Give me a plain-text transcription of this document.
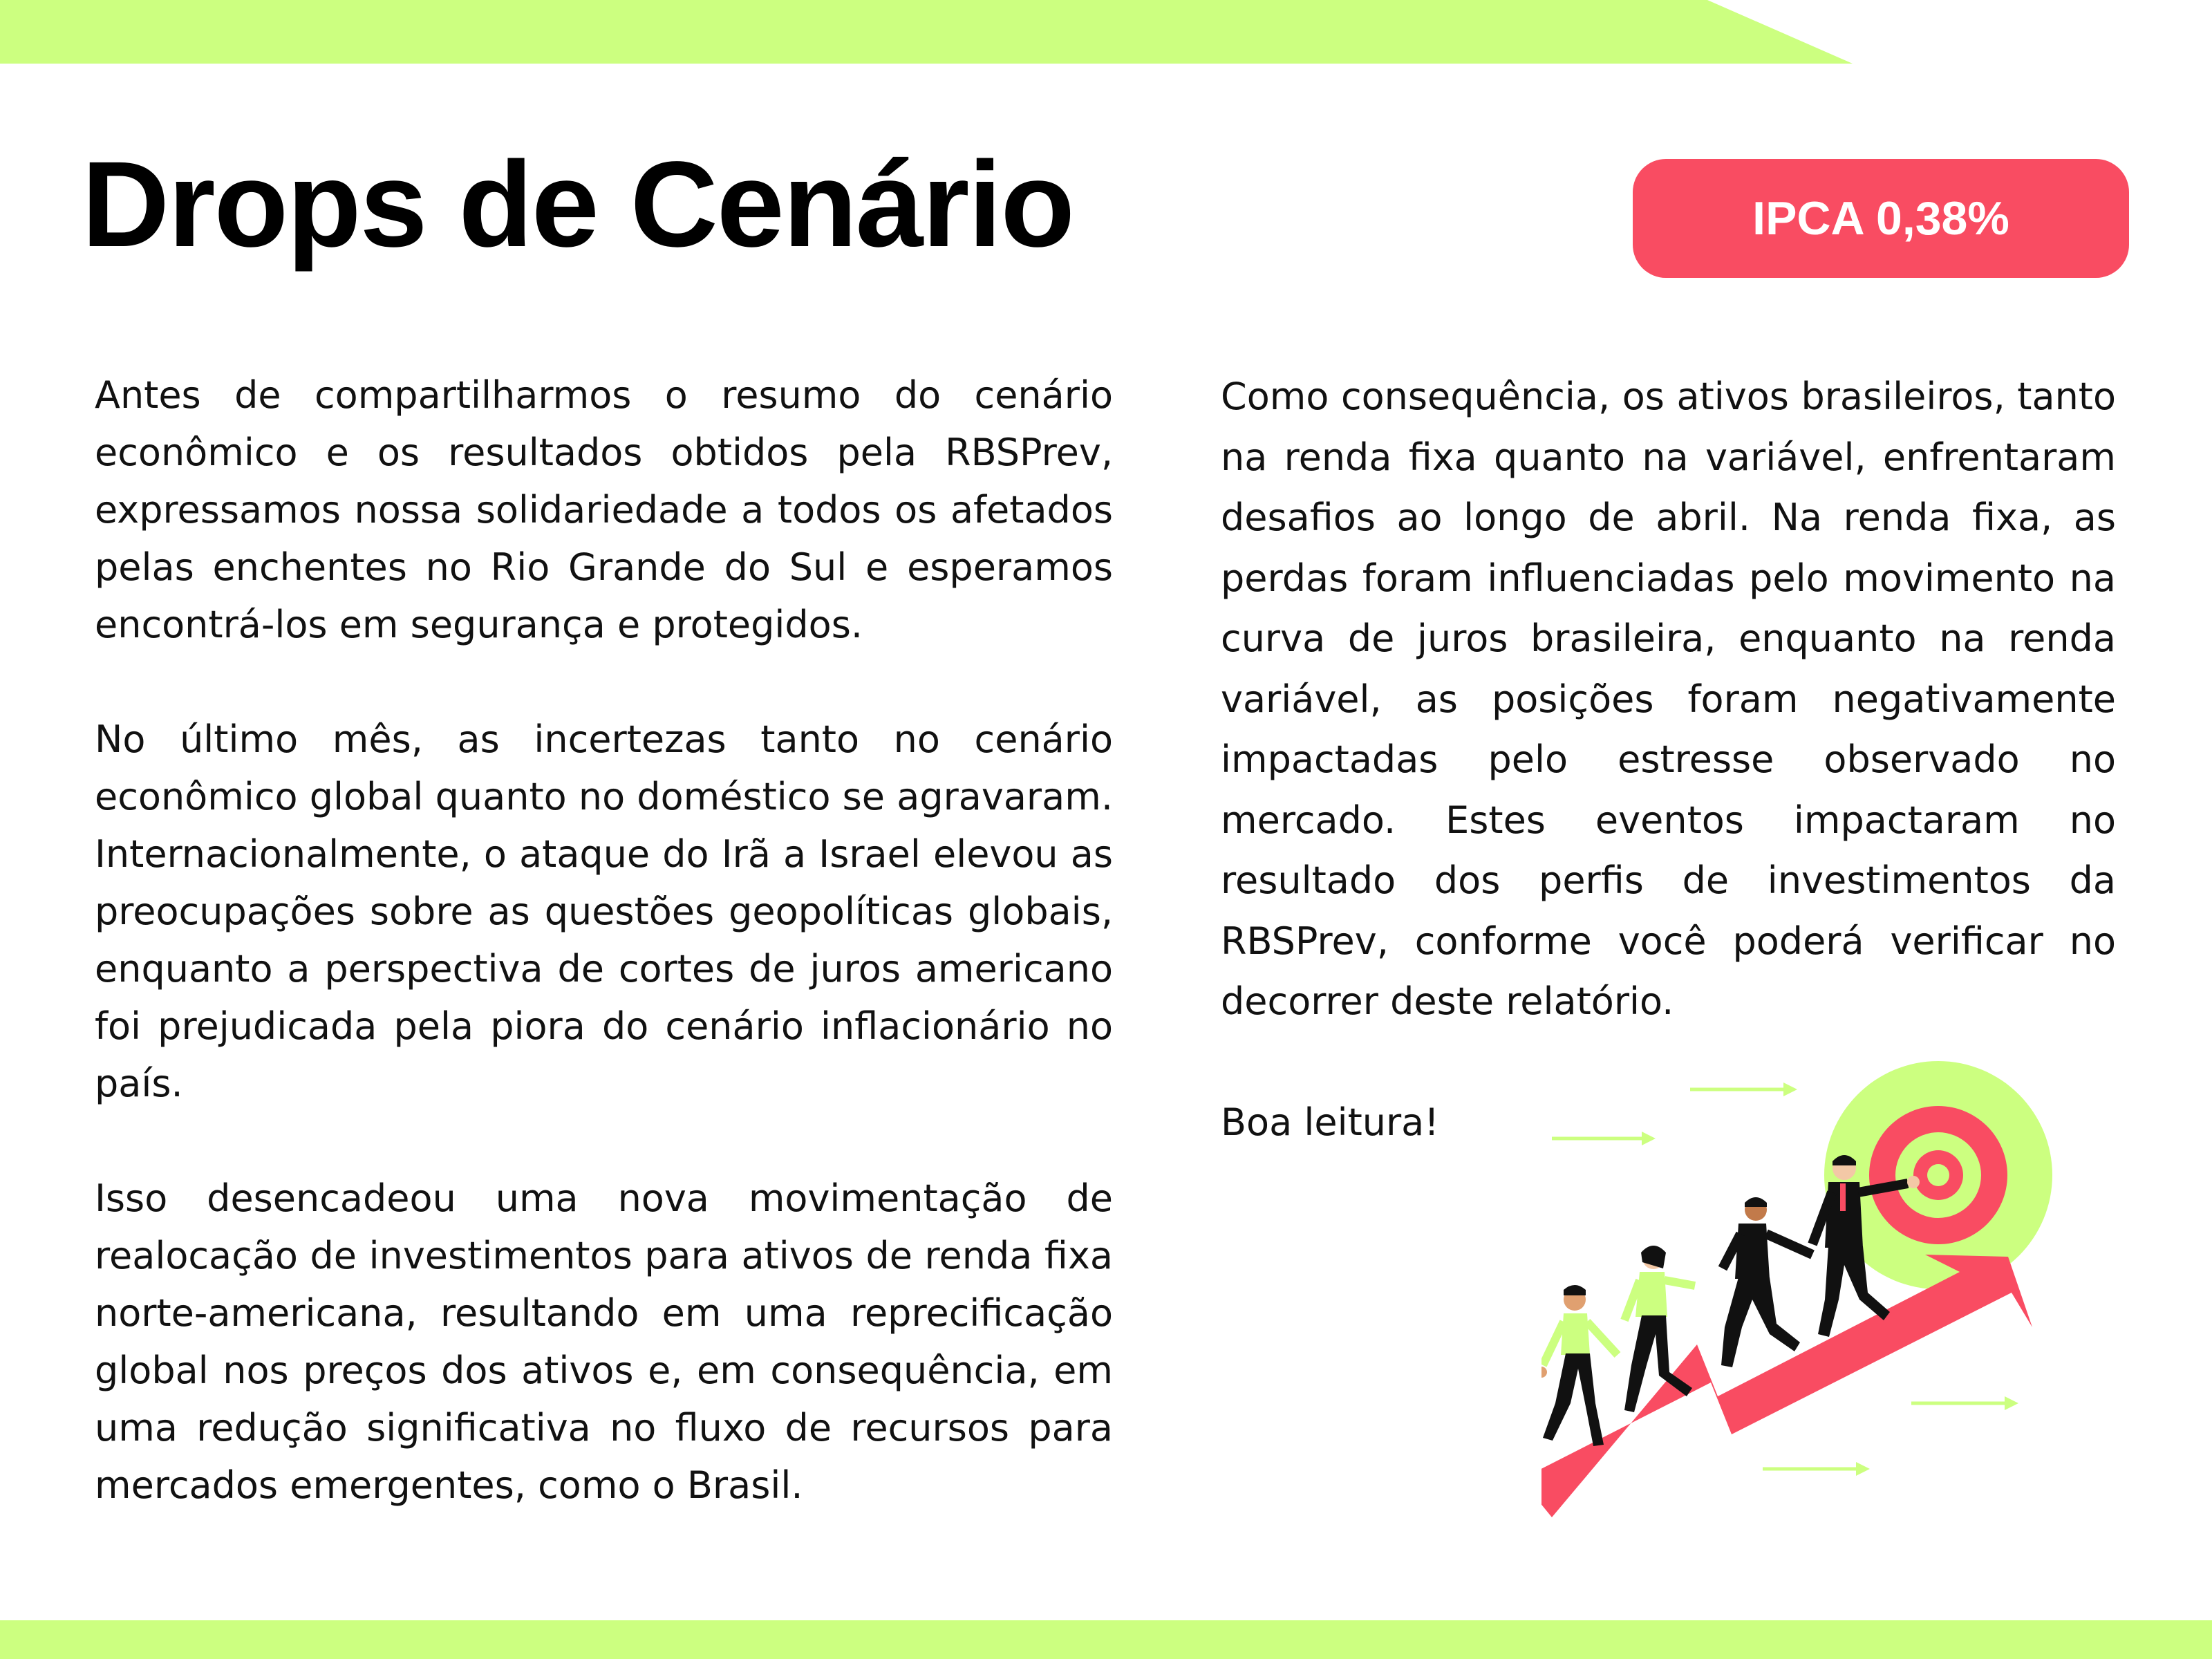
Drops de Cenário	IPCA 0,38%

Antes de compartilharmos o resumo do cenário econômico e os resultados obtidos pela RBSPrev, expressamos nossa solidariedade a todos os afetados pelas enchentes no Rio Grande do Sul e esperamos encontrá-los em segurança e protegidos.

No último mês, as incertezas tanto no cenário econômico global quanto no doméstico se agravaram. Internacionalmente, o ataque do Irã a Israel elevou as preocupações sobre as questões geopolíticas globais, enquanto a perspectiva de cortes de juros americano foi prejudicada pela piora do cenário inflacionário no país.

Isso desencadeou uma nova movimentação de realocação de investimentos para ativos de renda fixa norte-americana, resultando em uma reprecificação global nos preços dos ativos e, em consequência, em uma redução significativa no fluxo de recursos para mercados emergentes, como o Brasil.

Como consequência, os ativos brasileiros, tanto na renda fixa quanto na variável, enfrentaram desafios ao longo de abril. Na renda fixa, as perdas foram influenciadas pelo movimento na curva de juros brasileira, enquanto na renda variável, as posições foram negativamente impactadas pelo estresse observado no mercado. Estes eventos impactaram no resultado dos perfis de investimentos da RBSPrev, conforme você poderá verificar no decorrer deste relatório.

Boa leitura!
